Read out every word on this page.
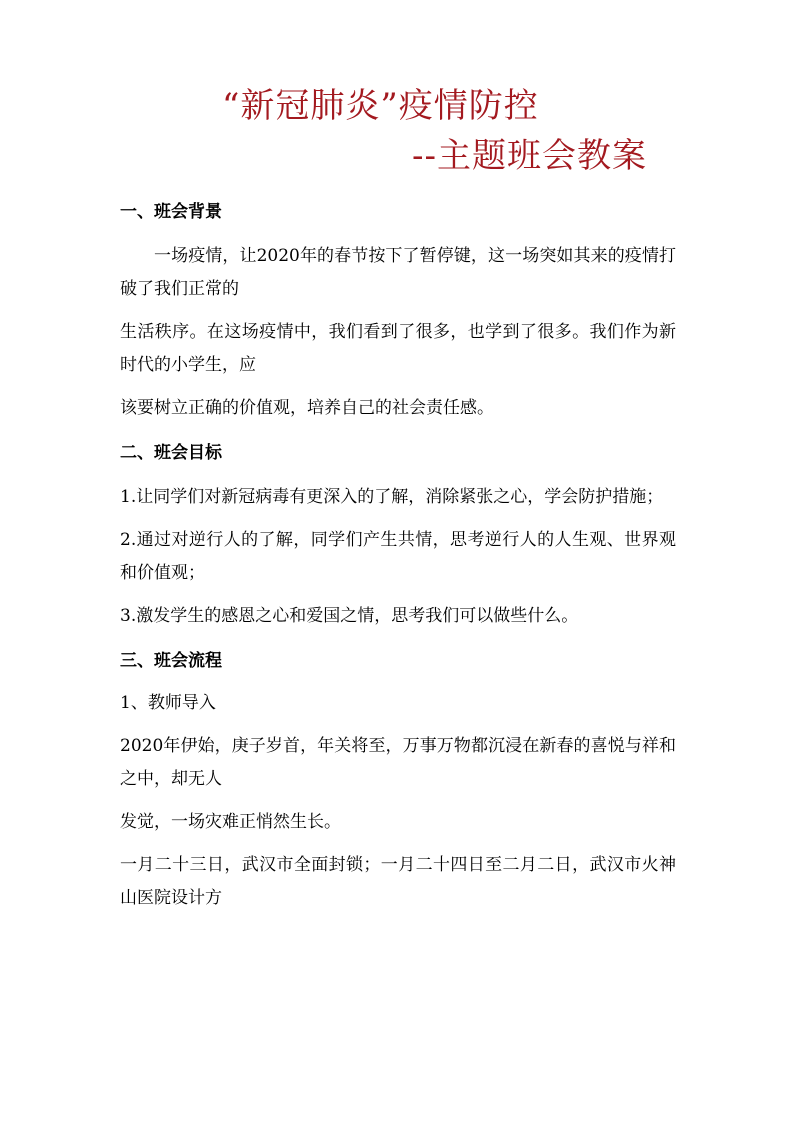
“新冠肺炎”疫情防控
--主题班会教案

一、班会背景

一场疫情，让2020年的春节按下了暂停键，这一场突如其来的疫情打破了我们正常的

生活秩序。在这场疫情中，我们看到了很多，也学到了很多。我们作为新时代的小学生，应

该要树立正确的价值观，培养自己的社会责任感。

二、班会目标

1.让同学们对新冠病毒有更深入的了解，消除紧张之心，学会防护措施；

2.通过对逆行人的了解，同学们产生共情，思考逆行人的人生观、世界观和价值观；

3.激发学生的感恩之心和爱国之情，思考我们可以做些什么。

三、班会流程

1、教师导入

2020年伊始，庚子岁首，年关将至，万事万物都沉浸在新春的喜悦与祥和之中，却无人

发觉，一场灾难正悄然生长。

一月二十三日，武汉市全面封锁；一月二十四日至二月二日，武汉市火神山医院设计方
